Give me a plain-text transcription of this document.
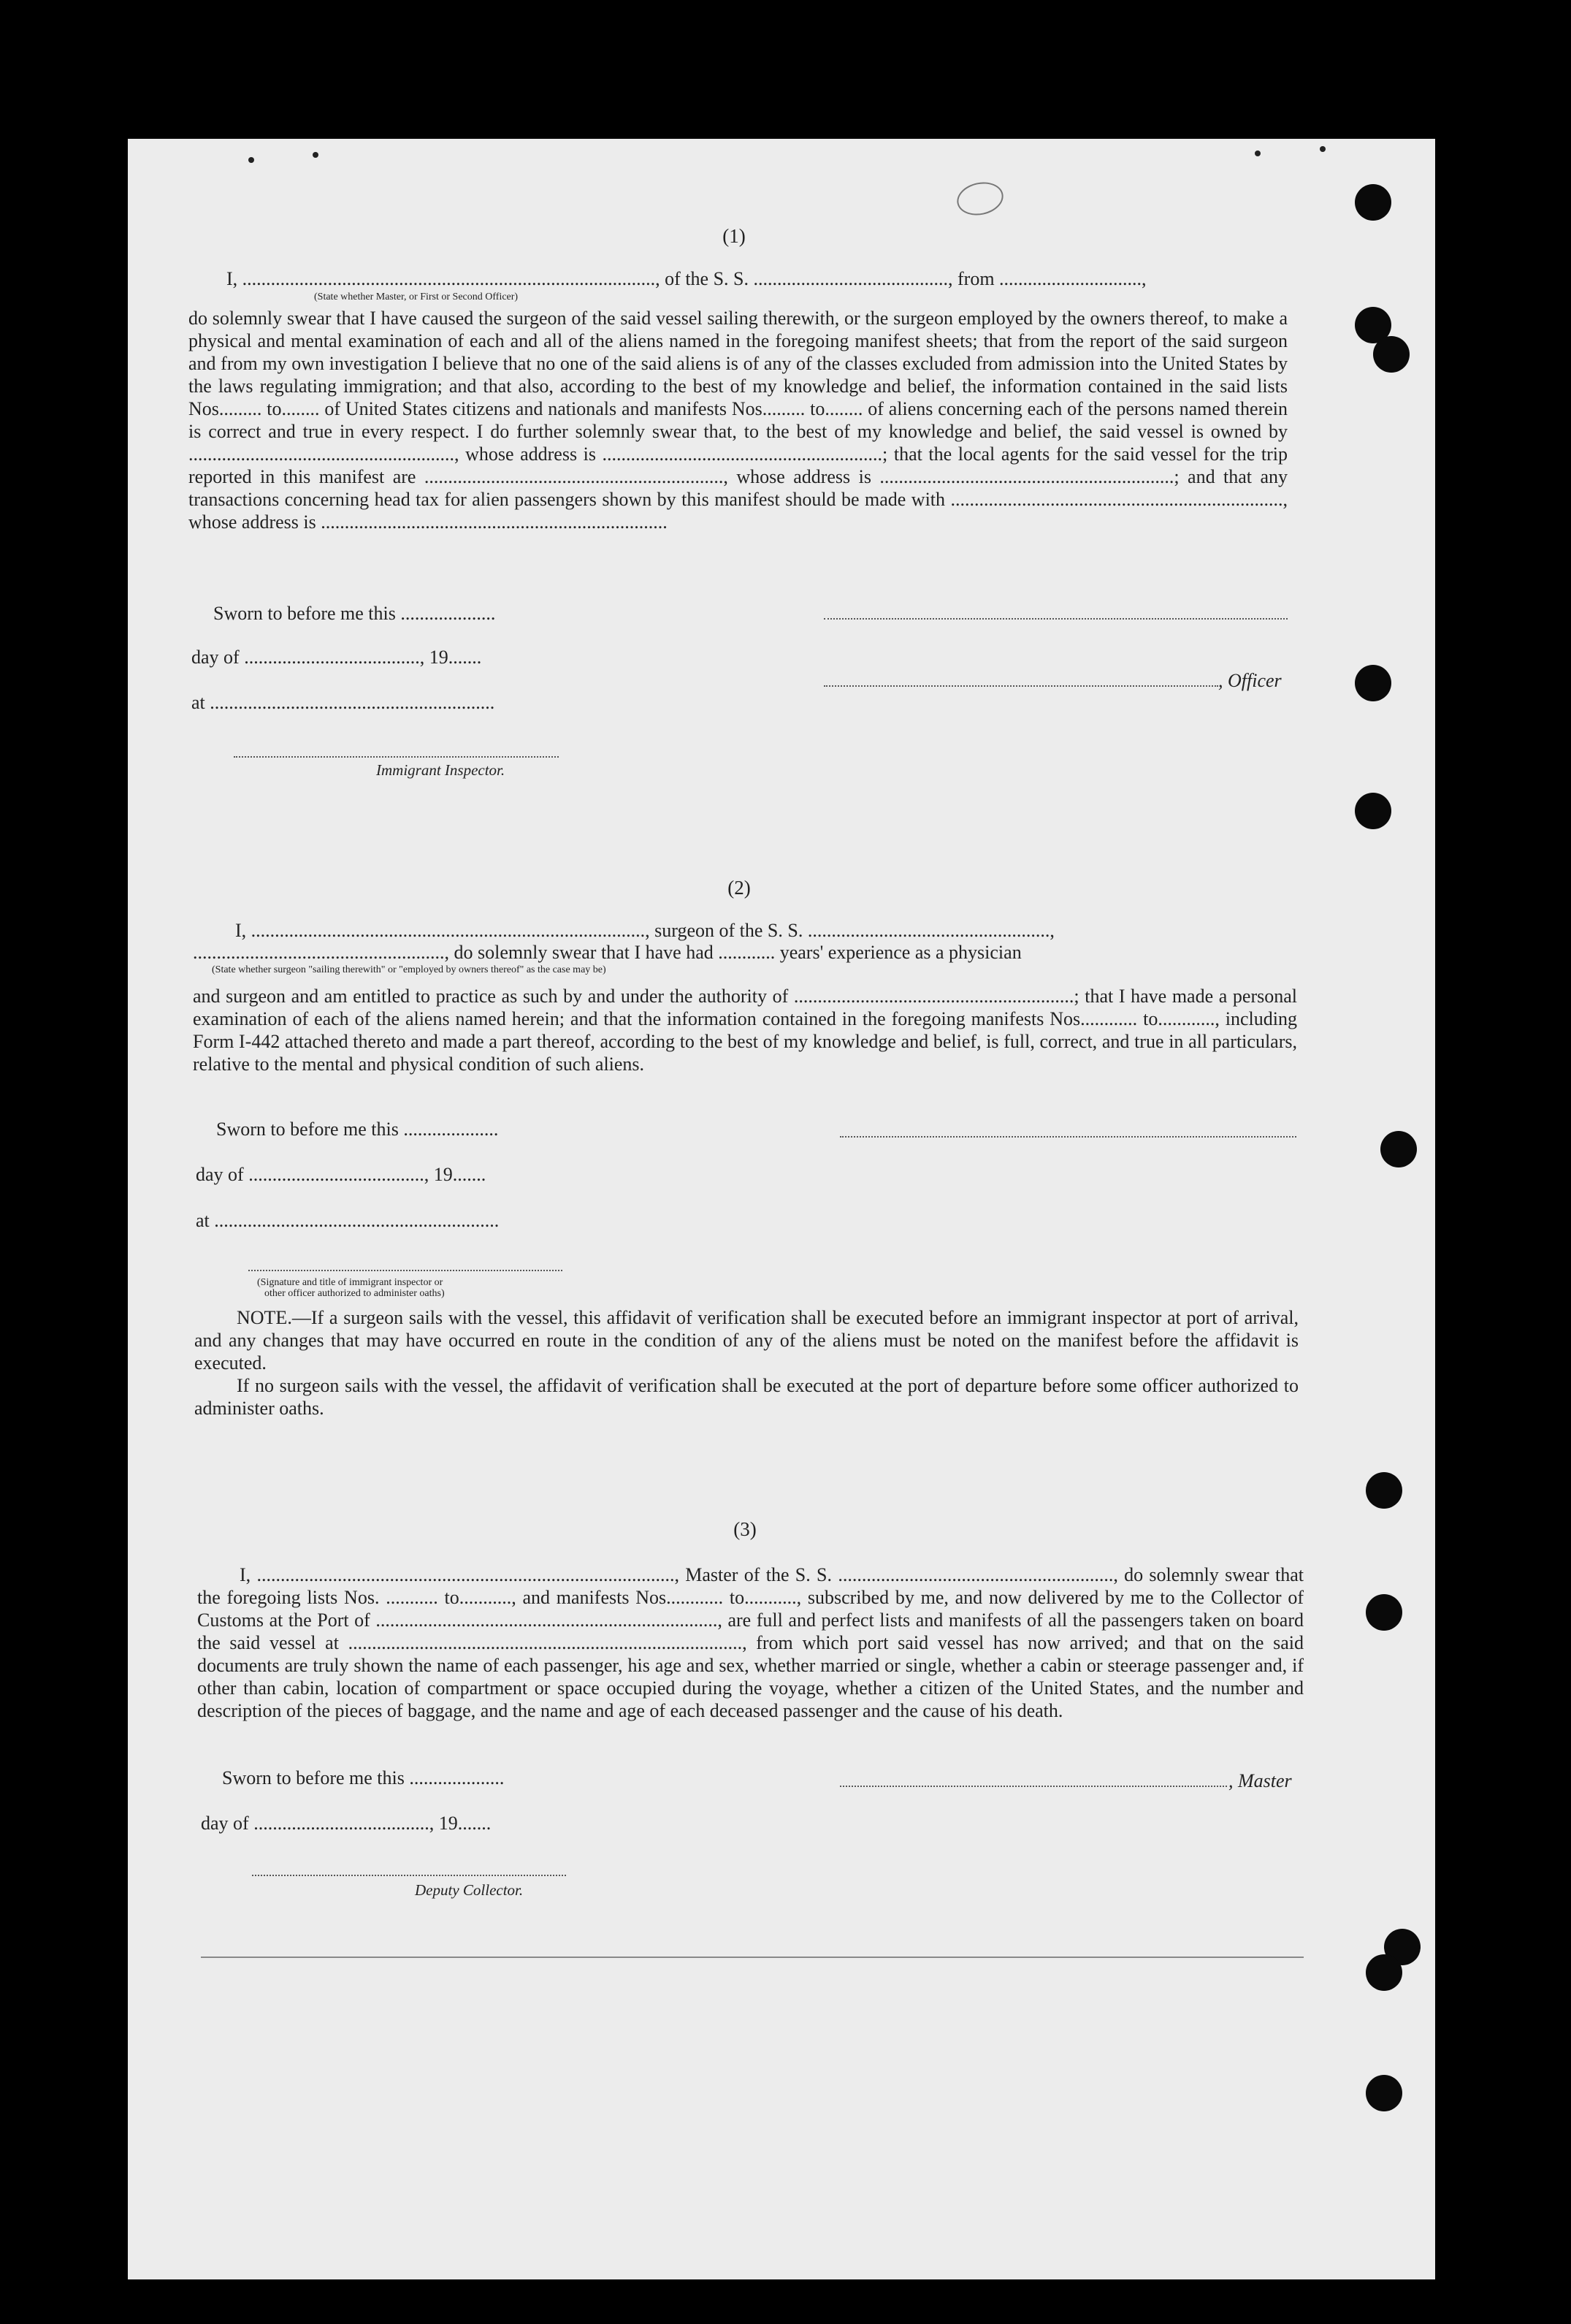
(1)
I, ......................................................................................., of the S. S. ........................................., from ..............................,
(State whether Master, or First or Second Officer)

do solemnly swear that I have caused the surgeon of the said vessel sailing therewith, or the surgeon employed by the owners thereof, to make a physical and mental examination of each and all of the aliens named in the foregoing manifest sheets; that from the report of the said surgeon and from my own investigation I believe that no one of the said aliens is of any of the classes excluded from admission into the United States by the laws regulating immigration; and that also, according to the best of my knowledge and belief, the information contained in the said lists Nos......... to........ of United States citizens and nationals and manifests Nos......... to........ of aliens concerning each of the persons named therein is correct and true in every respect. I do further solemnly swear that, to the best of my knowledge and belief, the said vessel is owned by ........................................................, whose address is ...........................................................; that the local agents for the said vessel for the trip reported in this manifest are ..............................................................., whose address is ..............................................................; and that any transactions concerning head tax for alien passengers shown by this manifest should be made with ......................................................................, whose address is .........................................................................

Sworn to before me this ....................
day of ....................................., 19.......
, Officer
at ............................................................
Immigrant Inspector.
(2)
I, ..................................................................................., surgeon of the S. S. ...................................................,
....................................................., do solemnly swear that I have had ............ years' experience as a physician
(State whether surgeon "sailing therewith" or "employed by owners thereof" as the case may be)

and surgeon and am entitled to practice as such by and under the authority of ...........................................................; that I have made a personal examination of each of the aliens named herein; and that the information contained in the foregoing manifests Nos............ to............, including Form I-442 attached thereto and made a part thereof, according to the best of my knowledge and belief, is full, correct, and true in all particulars, relative to the mental and physical condition of such aliens.

Sworn to before me this ....................
day of ....................................., 19.......
at ............................................................
(Signature and title of immigrant inspector or
other officer authorized to administer oaths)

NOTE.—If a surgeon sails with the vessel, this affidavit of verification shall be executed before an immigrant inspector at port of arrival, and any changes that may have occurred en route in the condition of any of the aliens must be noted on the manifest before the affidavit is executed.

If no surgeon sails with the vessel, the affidavit of verification shall be executed at the port of departure before some officer authorized to administer oaths.

(3)

I, ........................................................................................, Master of the S. S. .........................................................., do solemnly swear that the foregoing lists Nos. ........... to..........., and manifests Nos............ to..........., subscribed by me, and now delivered by me to the Collector of Customs at the Port of ........................................................................, are full and perfect lists and manifests of all the passengers taken on board the said vessel at ..................................................................................., from which port said vessel has now arrived; and that on the said documents are truly shown the name of each passenger, his age and sex, whether married or single, whether a cabin or steerage passenger and, if other than cabin, location of compartment or space occupied during the voyage, whether a citizen of the United States, and the number and description of the pieces of baggage, and the name and age of each deceased passenger and the cause of his death.

Sworn to before me this ....................	, Master
day of ....................................., 19.......
Deputy Collector.
